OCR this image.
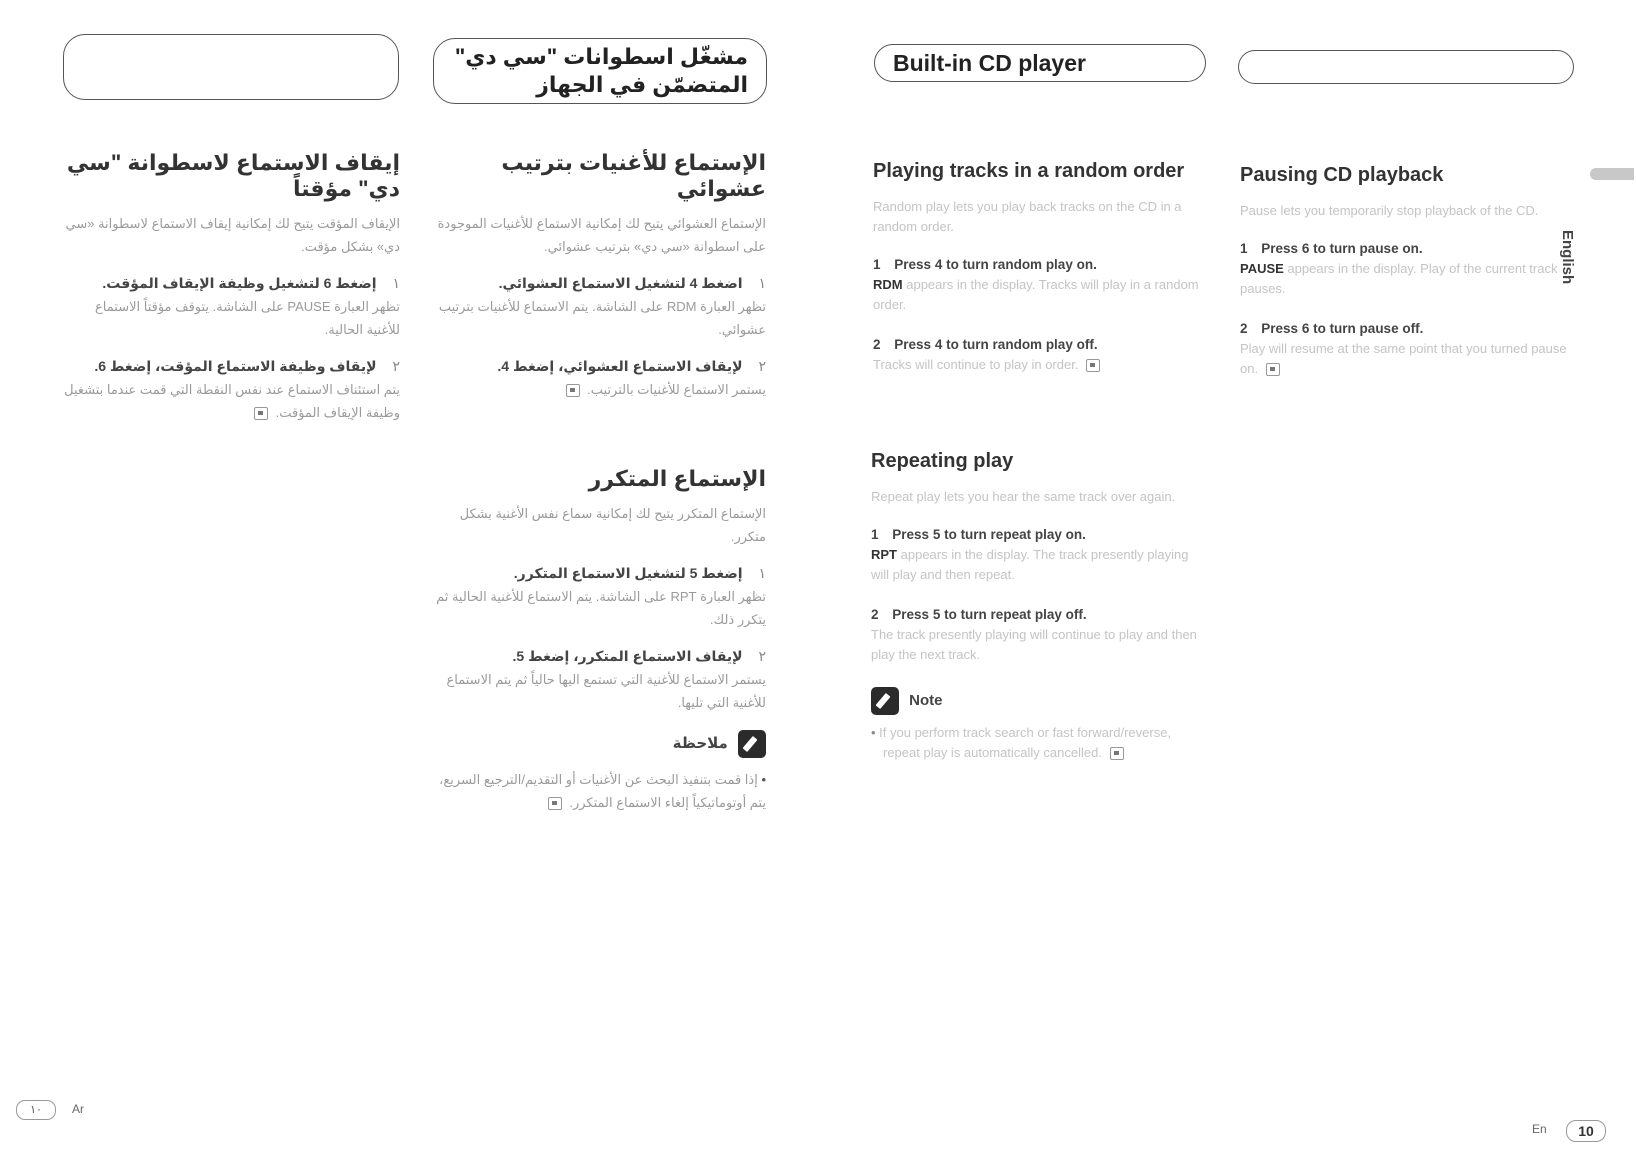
مشغّل اسطوانات "سي دي"
المتضمّن في الجهاز
Built-in CD player
English
إيقاف الاستماع لاسطوانة "سي دي" مؤقتاً
الإيقاف المؤقت يتيح لك إمكانية إيقاف الاستماع لاسطوانة «سي دي» بشكل مؤقت.
١ إضغط 6 لتشغيل وظيفة الإيقاف المؤقت.
تظهر العبارة PAUSE على الشاشة. يتوقف مؤقتاً الاستماع للأغنية الحالية.
٢ لإيقاف وظيفة الاستماع المؤقت، إضغط 6.
يتم استئناف الاستماع عند نفس النقطة التي قمت عندما بتشغيل وظيفة الإيقاف المؤقت.
الإستماع للأغنيات بترتيب عشوائي
الإستماع العشوائي يتيح لك إمكانية الاستماع للأغنيات الموجودة على اسطوانة «سي دي» بترتيب عشوائي.
١ اضغط 4 لتشغيل الاستماع العشوائي.
تظهر العبارة RDM على الشاشة. يتم الاستماع للأغنيات بترتيب عشوائي.
٢ لإيقاف الاستماع العشوائي، إضغط 4.
يستمر الاستماع للأغنيات بالترتيب.
الإستماع المتكرر
الإستماع المتكرر يتيح لك إمكانية سماع نفس الأغنية بشكل متكرر.
١ إضغط 5 لتشغيل الاستماع المتكرر.
تظهر العبارة RPT على الشاشة. يتم الاستماع للأغنية الحالية ثم يتكرر ذلك.
٢ لإيقاف الاستماع المتكرر، إضغط 5.
يستمر الاستماع للأغنية التي تستمع اليها حالياً ثم يتم الاستماع للأغنية التي تليها.
ملاحظة
• إذا قمت بتنفيذ البحث عن الأغنيات أو التقديم/الترجيع السريع، يتم أوتوماتيكياً إلغاء الاستماع المتكرر.
Playing tracks in a random order
Random play lets you play back tracks on the CD in a random order.
1 Press 4 to turn random play on.
RDM appears in the display. Tracks will play in a random order.
2 Press 4 to turn random play off.
Tracks will continue to play in order.
Repeating play
Repeat play lets you hear the same track over again.
1 Press 5 to turn repeat play on.
RPT appears in the display. The track presently playing will play and then repeat.
2 Press 5 to turn repeat play off.
The track presently playing will continue to play and then play the next track.
Note
• If you perform track search or fast forward/reverse, repeat play is automatically cancelled.
Pausing CD playback
Pause lets you temporarily stop playback of the CD.
1 Press 6 to turn pause on.
PAUSE appears in the display. Play of the current track pauses.
2 Press 6 to turn pause off.
Play will resume at the same point that you turned pause on.
١٠	Ar
En	10
